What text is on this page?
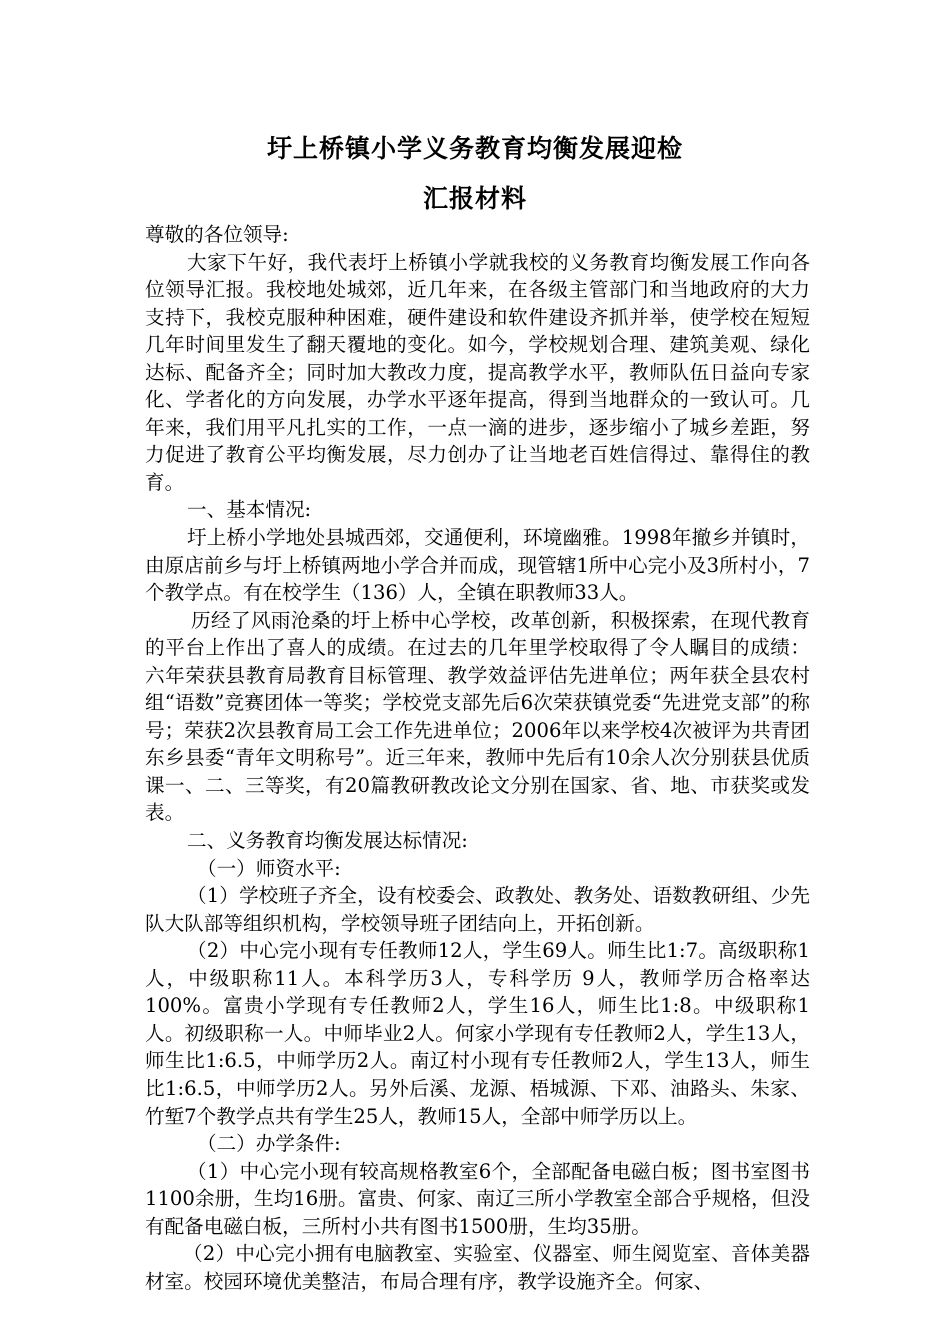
圩上桥镇小学义务教育均衡发展迎检
汇报材料

尊敬的各位领导:

大家下午好，我代表圩上桥镇小学就我校的义务教育均衡发展工作向各位领导汇报。我校地处城郊，近几年来，在各级主管部门和当地政府的大力支持下，我校克服种种困难，硬件建设和软件建设齐抓并举，使学校在短短几年时间里发生了翻天覆地的变化。如今，学校规划合理、建筑美观、绿化达标、配备齐全；同时加大教改力度，提高教学水平，教师队伍日益向专家化、学者化的方向发展，办学水平逐年提高，得到当地群众的一致认可。几年来，我们用平凡扎实的工作，一点一滴的进步，逐步缩小了城乡差距，努力促进了教育公平均衡发展，尽力创办了让当地老百姓信得过、靠得住的教育。

一、基本情况:

圩上桥小学地处县城西郊，交通便利，环境幽雅。1998年撤乡并镇时，由原店前乡与圩上桥镇两地小学合并而成，现管辖1所中心完小及3所村小，7个教学点。有在校学生（136）人，全镇在职教师33人。

历经了风雨沧桑的圩上桥中心学校，改革创新，积极探索，在现代教育的平台上作出了喜人的成绩。在过去的几年里学校取得了令人瞩目的成绩：六年荣获县教育局教育目标管理、教学效益评估先进单位；两年获全县农村组“语数”竞赛团体一等奖；学校党支部先后6次荣获镇党委“先进党支部”的称号；荣获2次县教育局工会工作先进单位；2006年以来学校4次被评为共青团东乡县委“青年文明称号”。近三年来，教师中先后有10余人次分别获县优质课一、二、三等奖，有20篇教研教改论文分别在国家、省、地、市获奖或发表。

二、义务教育均衡发展达标情况:

（一）师资水平:

（1）学校班子齐全，设有校委会、政教处、教务处、语数教研组、少先队大队部等组织机构，学校领导班子团结向上，开拓创新。

（2）中心完小现有专任教师12人，学生69人。师生比1:7。高级职称1人，中级职称11人。本科学历3人，专科学历 9人，教师学历合格率达100%。富贵小学现有专任教师2人，学生16人，师生比1:8。中级职称1人。初级职称一人。中师毕业2人。何家小学现有专任教师2人，学生13人，师生比1:6.5，中师学历2人。南辽村小现有专任教师2人，学生13人，师生比1:6.5，中师学历2人。另外后溪、龙源、梧城源、下邓、油路头、朱家、竹堑7个教学点共有学生25人，教师15人，全部中师学历以上。

（二）办学条件:

（1）中心完小现有较高规格教室6个，全部配备电磁白板；图书室图书1100余册，生均16册。富贵、何家、南辽三所小学教室全部合乎规格，但没有配备电磁白板，三所村小共有图书1500册，生均35册。

（2）中心完小拥有电脑教室、实验室、仪器室、师生阅览室、音体美器材室。校园环境优美整洁，布局合理有序，教学设施齐全。何家、
